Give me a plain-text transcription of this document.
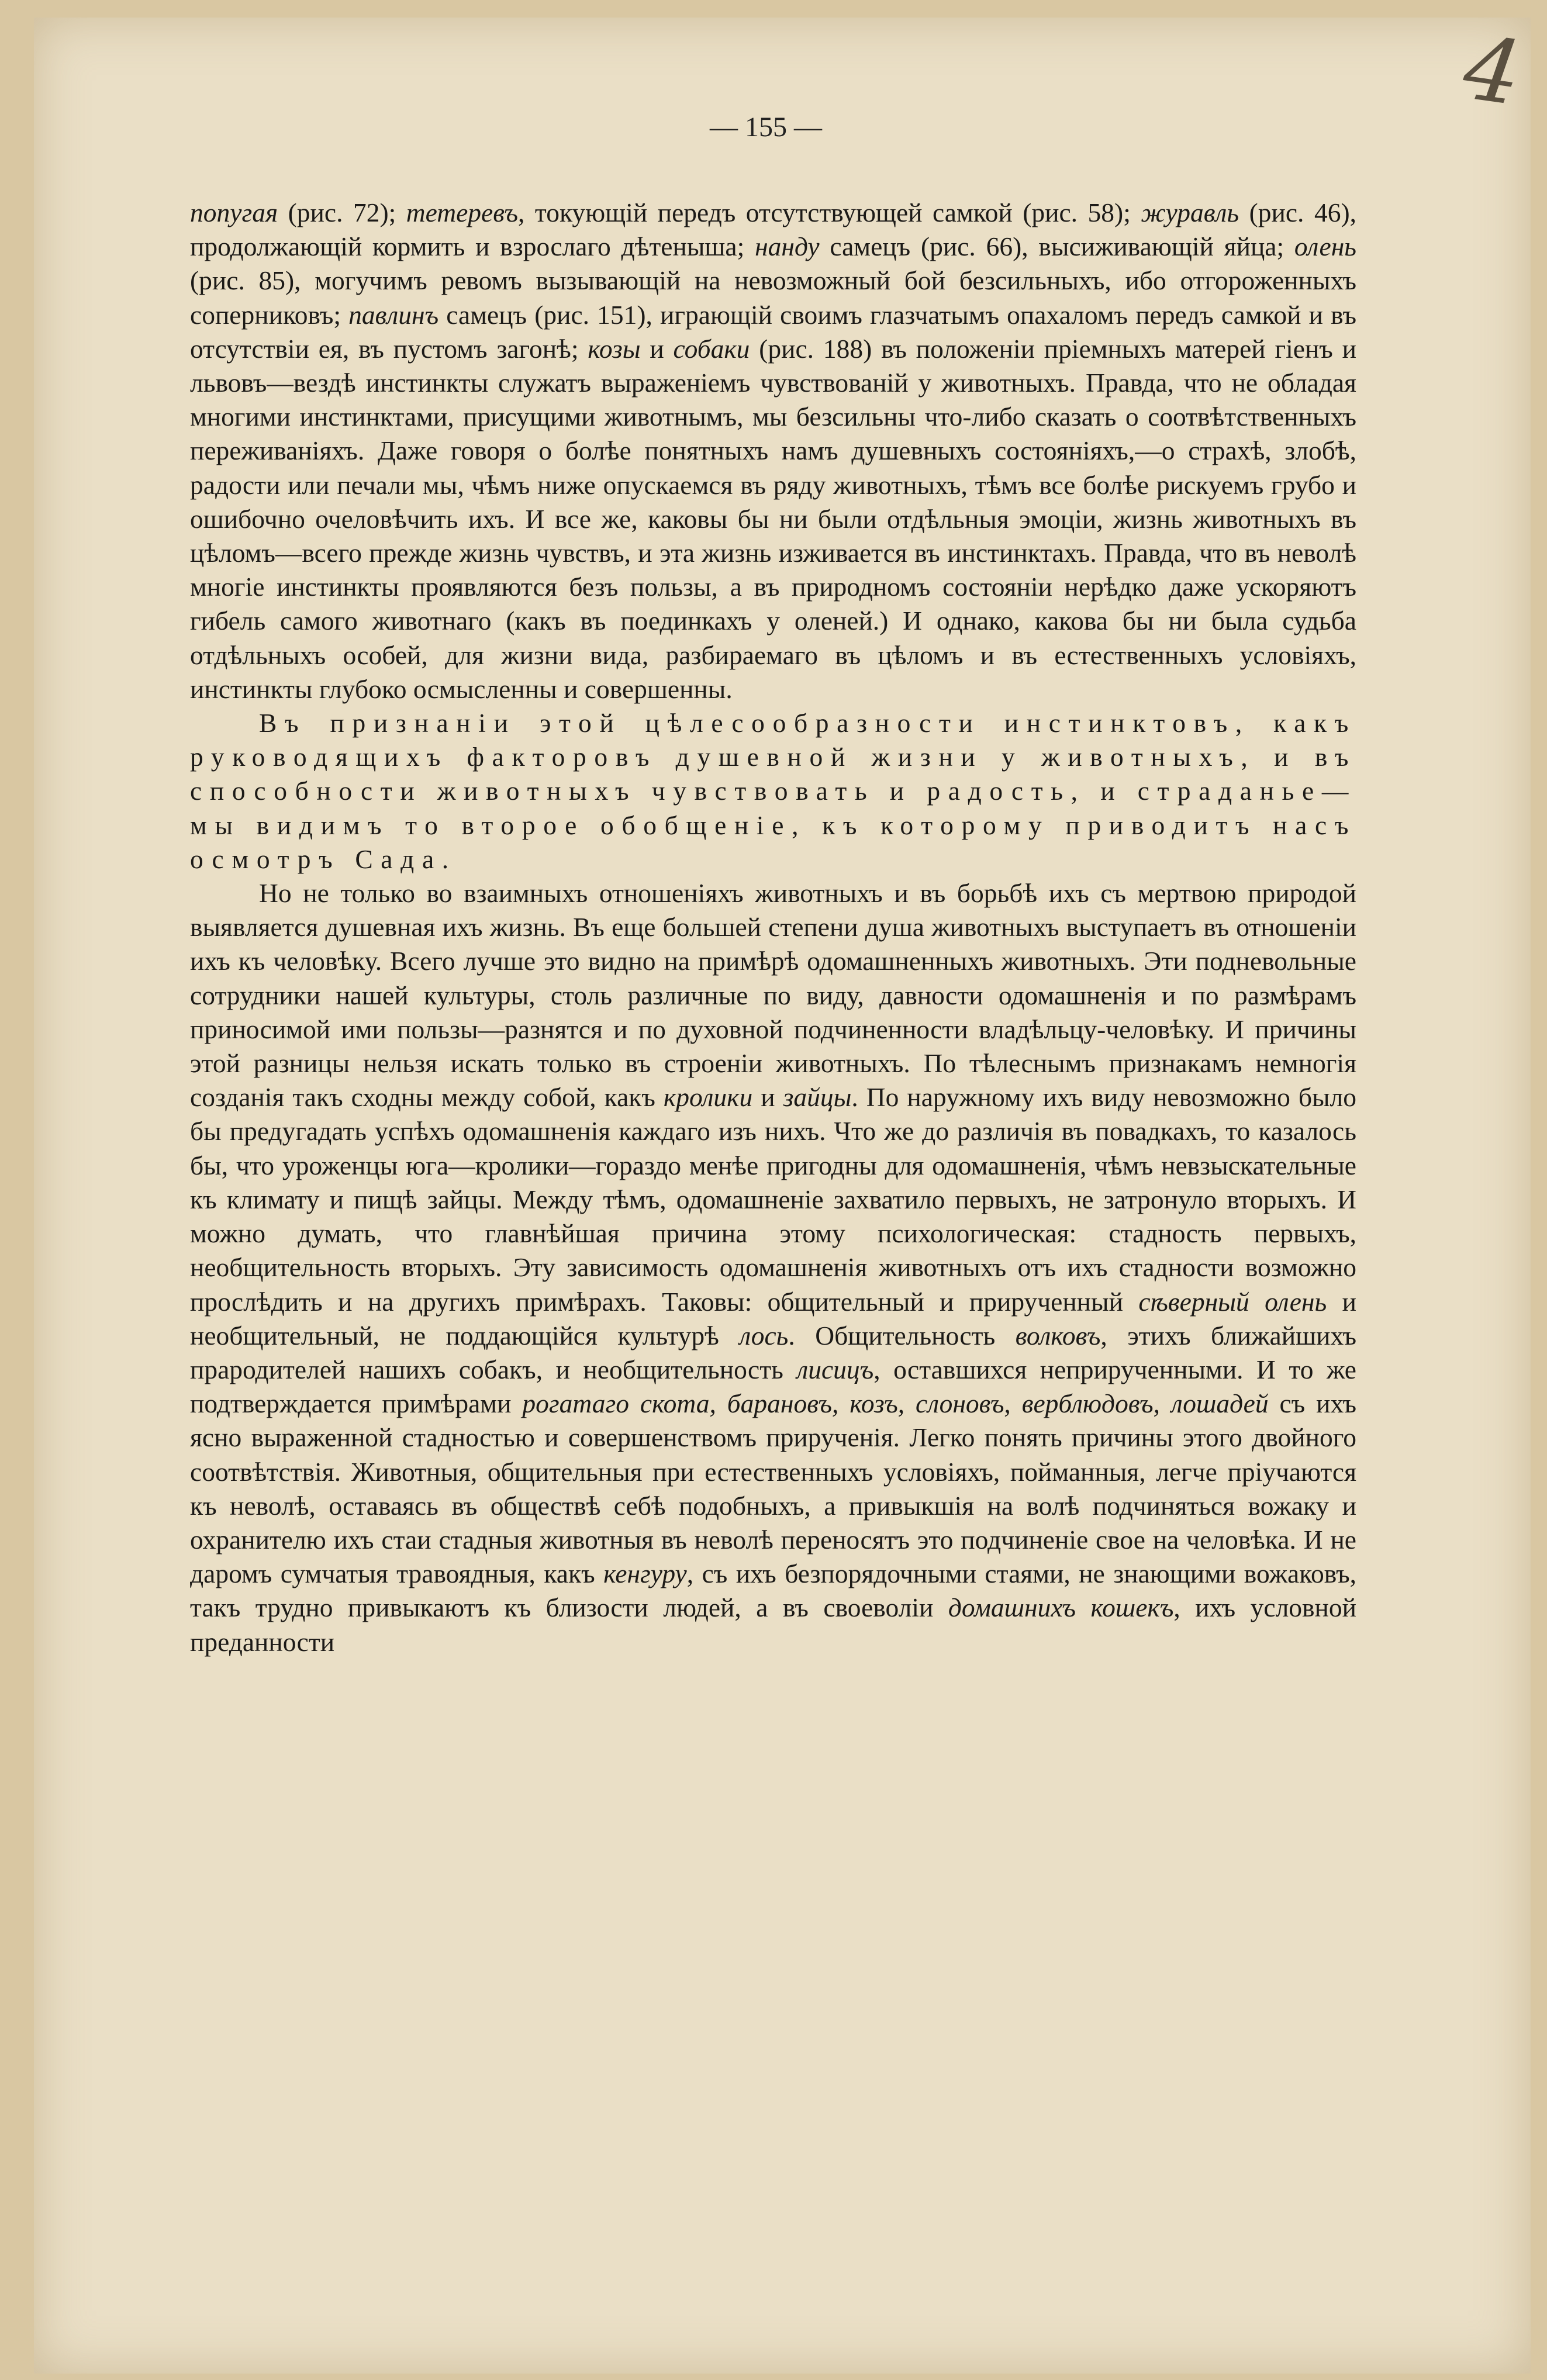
4
— 155 —

попугая (рис. 72); тетеревъ, токующій передъ отсутствующей самкой (рис. 58); журавль (рис. 46), продолжающій кормить и взрослаго дѣтеныша; нанду самецъ (рис. 66), высиживающій яйца; олень (рис. 85), могучимъ ревомъ вызывающій на невозможный бой безсильныхъ, ибо отгороженныхъ соперниковъ; павлинъ самецъ (рис. 151), играющій своимъ глазчатымъ опахаломъ передъ самкой и въ отсутствіи ея, въ пустомъ загонѣ; козы и собаки (рис. 188) въ положеніи пріемныхъ матерей гіенъ и львовъ—вездѣ инстинкты служатъ выраженіемъ чувствованій у животныхъ. Правда, что не обладая многими инстинктами, присущими животнымъ, мы безсильны что-либо сказать о соотвѣтственныхъ переживаніяхъ. Даже говоря о болѣе понятныхъ намъ душевныхъ состояніяхъ,—о страхѣ, злобѣ, радости или печали мы, чѣмъ ниже опускаемся въ ряду животныхъ, тѣмъ все болѣе рискуемъ грубо и ошибочно очеловѣчить ихъ. И все же, каковы бы ни были отдѣльныя эмоціи, жизнь животныхъ въ цѣломъ—всего прежде жизнь чувствъ, и эта жизнь изживается въ инстинктахъ. Правда, что въ неволѣ многіе инстинкты проявляются безъ пользы, а въ природномъ состояніи нерѣдко даже ускоряютъ гибель самого животнаго (какъ въ поединкахъ у оленей.) И однако, какова бы ни была судьба отдѣльныхъ особей, для жизни вида, разбираемаго въ цѣломъ и въ естественныхъ условіяхъ, инстинкты глубоко осмысленны и совершенны.

Въ признаніи этой цѣлесообразности инстинктовъ, какъ руководящихъ факторовъ душевной жизни у животныхъ, и въ способности животныхъ чувствовать и радость, и страданье—мы видимъ то второе обобщеніе, къ которому приводитъ насъ осмотръ Сада.

Но не только во взаимныхъ отношеніяхъ животныхъ и въ борьбѣ ихъ съ мертвою природой выявляется душевная ихъ жизнь. Въ еще большей степени душа животныхъ выступаетъ въ отношеніи ихъ къ человѣку. Всего лучше это видно на примѣрѣ одомашненныхъ животныхъ. Эти подневольные сотрудники нашей культуры, столь различные по виду, давности одомашненія и по размѣрамъ приносимой ими пользы—разнятся и по духовной подчиненности владѣльцу-человѣку. И причины этой разницы нельзя искать только въ строеніи животныхъ. По тѣлеснымъ признакамъ немногія созданія такъ сходны между собой, какъ кролики и зайцы. По наружному ихъ виду невозможно было бы предугадать успѣхъ одомашненія каждаго изъ нихъ. Что же до различія въ повадкахъ, то казалось бы, что уроженцы юга—кролики—гораздо менѣе пригодны для одомашненія, чѣмъ невзыскательные къ климату и пищѣ зайцы. Между тѣмъ, одомашненіе захватило первыхъ, не затронуло вторыхъ. И можно думать, что главнѣйшая причина этому психологическая: стадность первыхъ, необщительность вторыхъ. Эту зависимость одомашненія животныхъ отъ ихъ стадности возможно прослѣдить и на другихъ примѣрахъ. Таковы: общительный и прирученный сѣверный олень и необщительный, не поддающійся культурѣ лось. Общительность волковъ, этихъ ближайшихъ прародителей нашихъ собакъ, и необщительность лисицъ, оставшихся неприрученными. И то же подтверждается примѣрами рогатаго скота, барановъ, козъ, слоновъ, верблюдовъ, лошадей съ ихъ ясно выраженной стадностью и совершенствомъ прирученія. Легко понять причины этого двойного соотвѣтствія. Животныя, общительныя при естественныхъ условіяхъ, пойманныя, легче пріучаются къ неволѣ, оставаясь въ обществѣ себѣ подобныхъ, а привыкшія на волѣ подчиняться вожаку и охранителю ихъ стаи стадныя животныя въ неволѣ переносятъ это подчиненіе свое на человѣка. И не даромъ сумчатыя травоядныя, какъ кенгуру, съ ихъ безпорядочными стаями, не знающими вожаковъ, такъ трудно привыкаютъ къ близости людей, а въ своеволіи домашнихъ кошекъ, ихъ условной преданности
